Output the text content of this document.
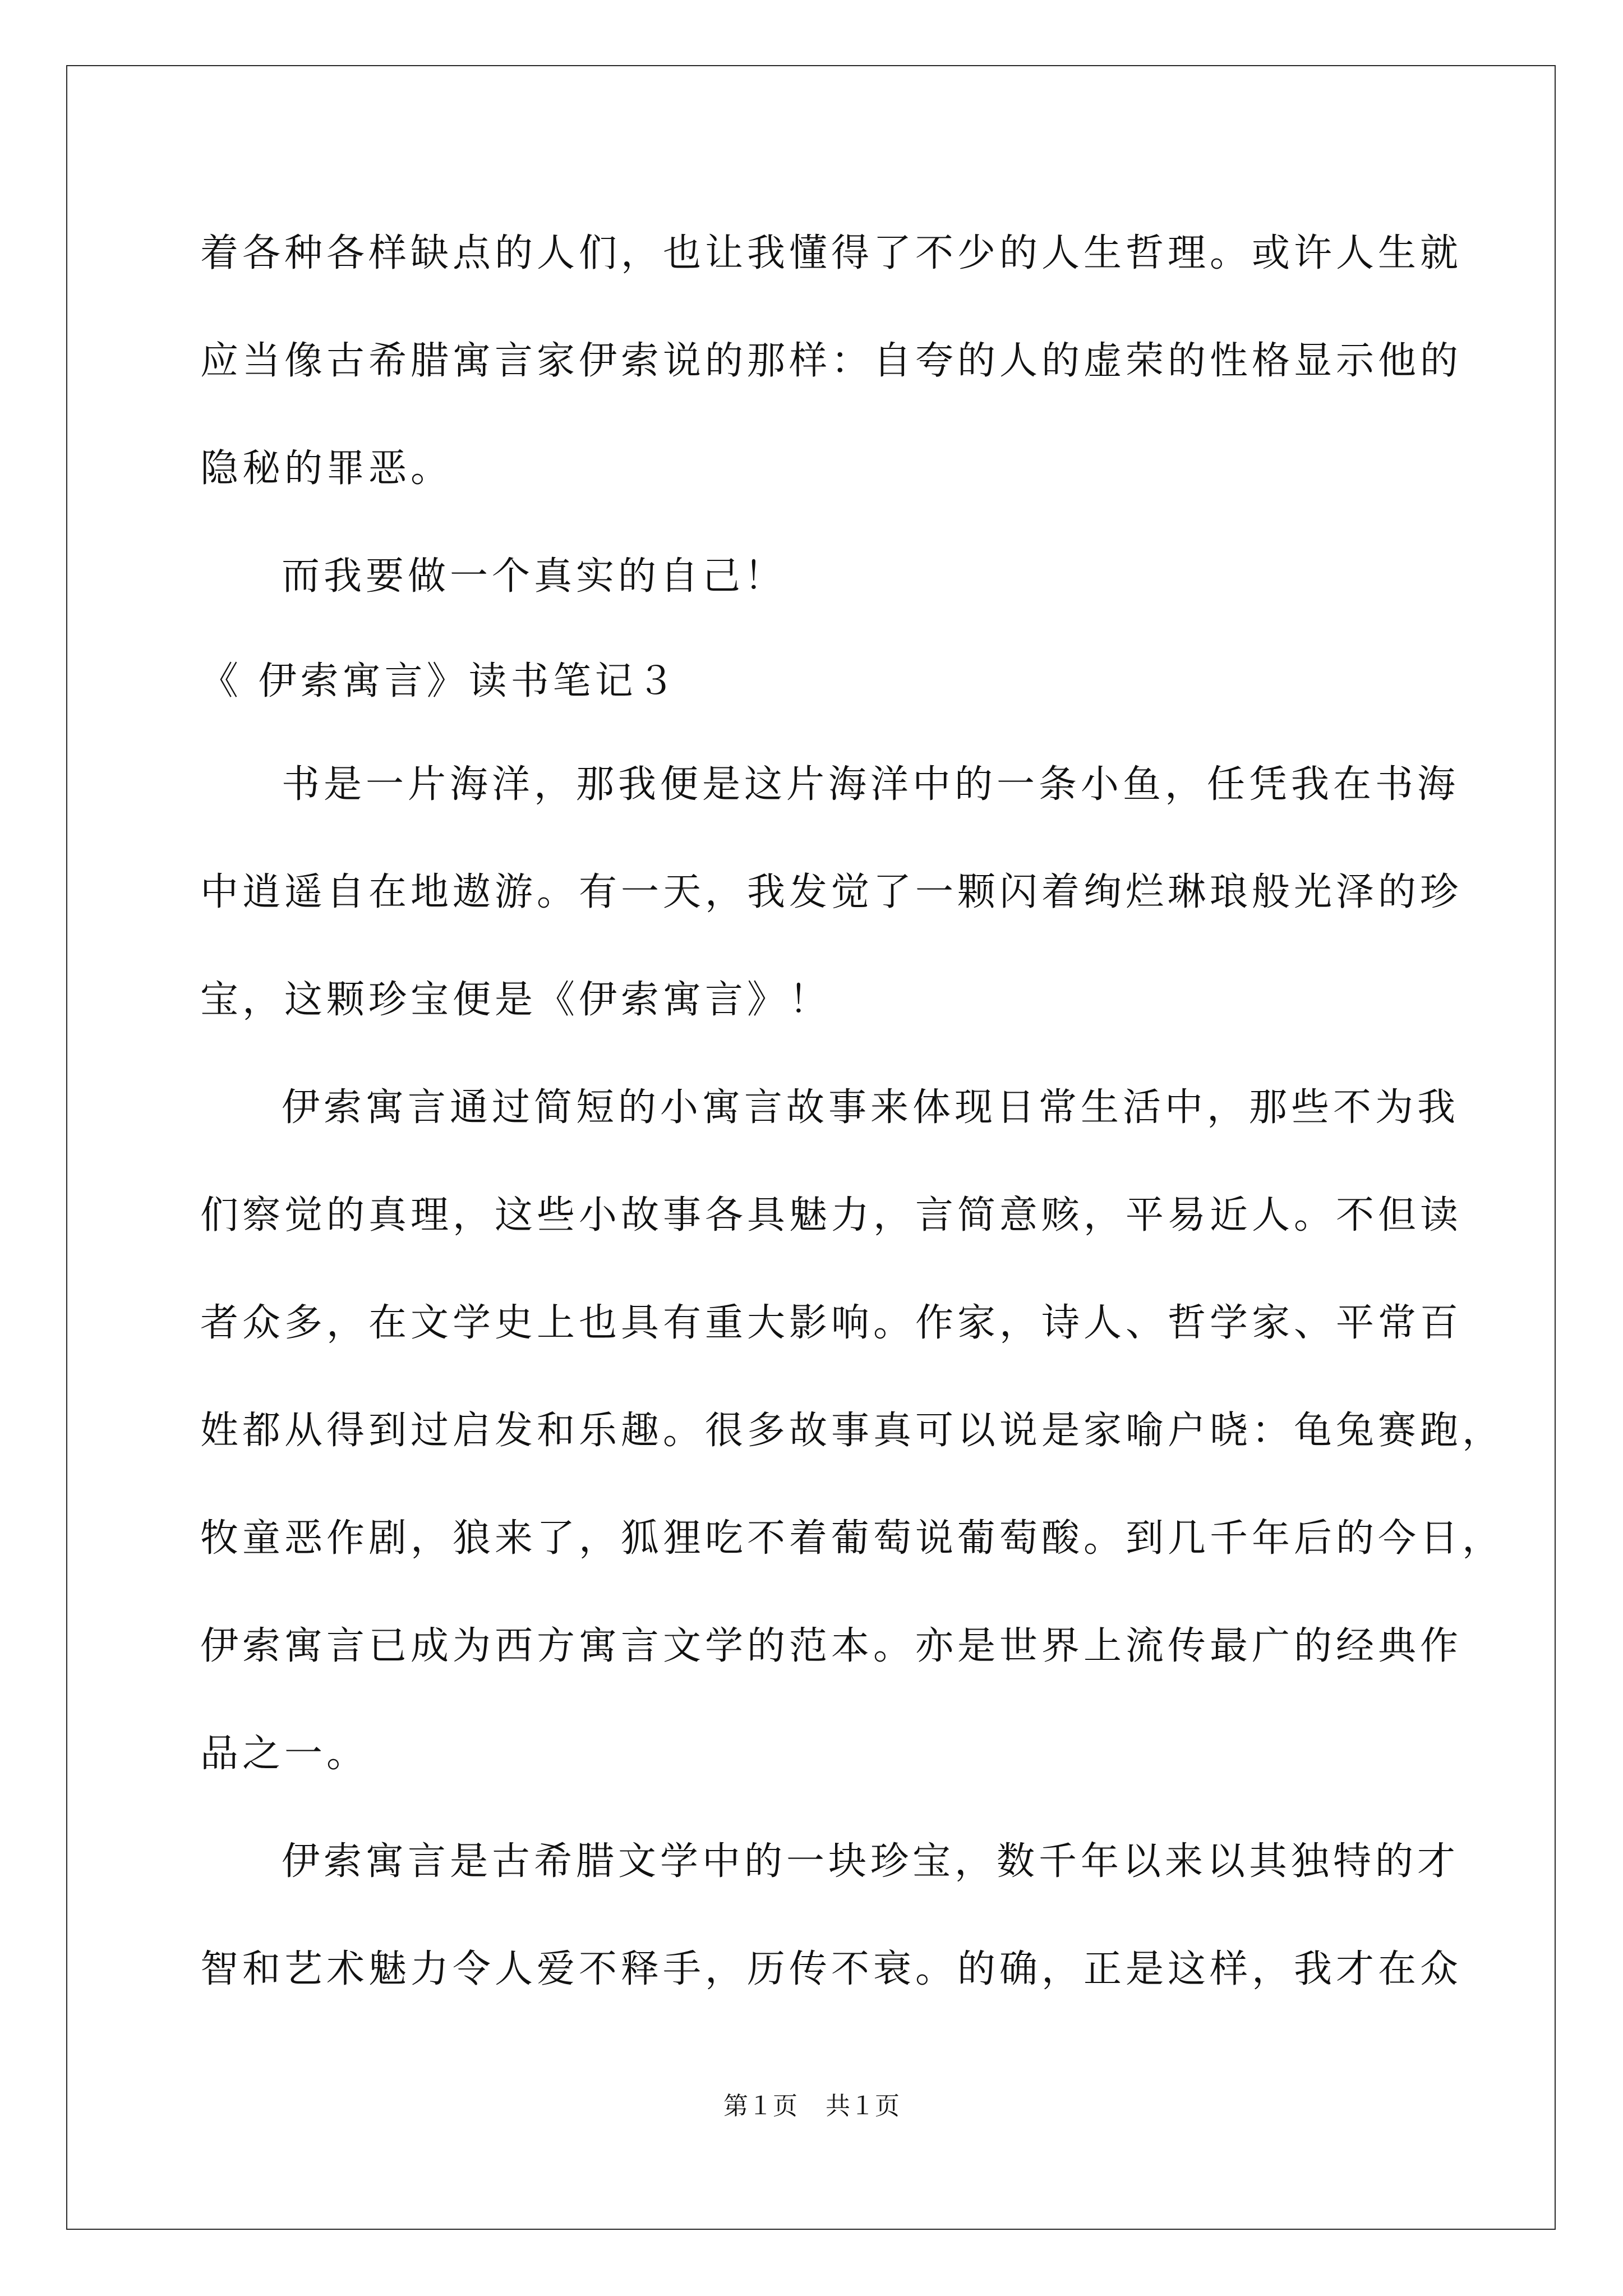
着各种各样缺点的人们，也让我懂得了不少的人生哲理。或许人生就

应当像古希腊寓言家伊索说的那样：自夸的人的虚荣的性格显示他的

隐秘的罪恶。

而我要做一个真实的自己！

《 伊索寓言》读书笔记３

书是一片海洋，那我便是这片海洋中的一条小鱼，任凭我在书海

中逍遥自在地遨游。有一天，我发觉了一颗闪着绚烂琳琅般光泽的珍

宝，这颗珍宝便是《伊索寓言》！

伊索寓言通过简短的小寓言故事来体现日常生活中，那些不为我

们察觉的真理，这些小故事各具魅力，言简意赅，平易近人。不但读

者众多，在文学史上也具有重大影响。作家，诗人、哲学家、平常百

姓都从得到过启发和乐趣。很多故事真可以说是家喻户晓：龟兔赛跑，

牧童恶作剧，狼来了，狐狸吃不着葡萄说葡萄酸。到几千年后的今日，

伊索寓言已成为西方寓言文学的范本。亦是世界上流传最广的经典作

品之一。

伊索寓言是古希腊文学中的一块珍宝，数千年以来以其独特的才

智和艺术魅力令人爱不释手，历传不衰。的确，正是这样，我才在众

第１页 共１页
